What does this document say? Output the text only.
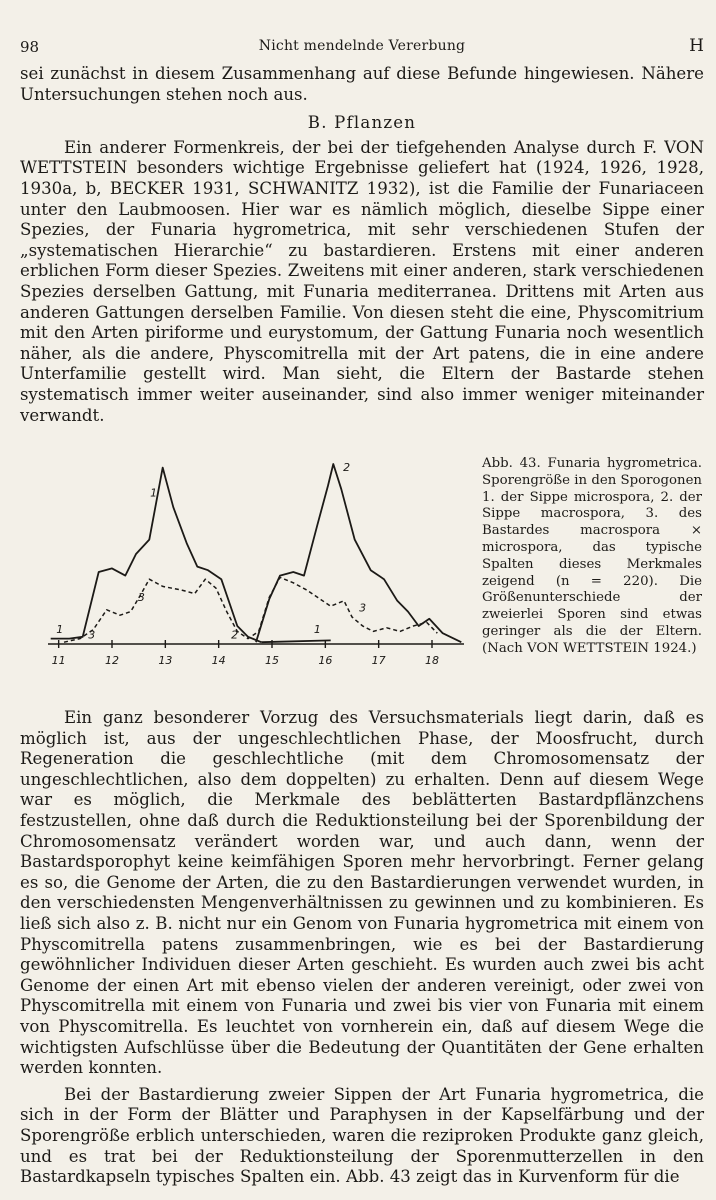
98	Nicht mendelnde Vererbung	H

sei zunächst in diesem Zusammenhang auf diese Befunde hingewiesen. Nähere Untersuchungen stehen noch aus.

B. Pflanzen

Ein anderer Formenkreis, der bei der tiefgehenden Analyse durch F. VON WETTSTEIN besonders wichtige Ergebnisse geliefert hat (1924, 1926, 1928, 1930a, b, BECKER 1931, SCHWANITZ 1932), ist die Familie der Funariaceen unter den Laubmoosen. Hier war es nämlich möglich, dieselbe Sippe einer Spezies, der Funaria hygrometrica, mit sehr verschiedenen Stufen der „systematischen Hierarchie“ zu bastardieren. Erstens mit einer anderen erblichen Form dieser Spezies. Zweitens mit einer anderen, stark verschiedenen Spezies derselben Gattung, mit Funaria mediterranea. Drittens mit Arten aus anderen Gattungen derselben Familie. Von diesen steht die eine, Physcomitrium mit den Arten piriforme und eurystomum, der Gattung Funaria noch wesentlich näher, als die andere, Physcomitrella mit der Art patens, die in eine andere Unterfamilie gestellt wird. Man sieht, die Eltern der Bastarde stehen systematisch immer weiter auseinander, sind also immer weniger miteinander verwandt.

11	12	13	14	15	16	17	18
1
2
3
3
1	2	1
3
Abb. 43. Funaria hygrometrica. Sporengröße in den Sporogonen 1. der Sippe microspora, 2. der Sippe macrospora, 3. des Bastardes macrospora × microspora, das typische Spalten dieses Merkmales zeigend (n = 220). Die Größenunterschiede der zweierlei Sporen sind etwas geringer als die der Eltern. (Nach VON WETTSTEIN 1924.)

Ein ganz besonderer Vorzug des Versuchsmaterials liegt darin, daß es möglich ist, aus der ungeschlechtlichen Phase, der Moosfrucht, durch Regeneration die geschlechtliche (mit dem Chromosomensatz der ungeschlechtlichen, also dem doppelten) zu erhalten. Denn auf diesem Wege war es möglich, die Merkmale des beblätterten Bastardpflänzchens festzustellen, ohne daß durch die Reduktionsteilung bei der Sporenbildung der Chromosomensatz verändert worden war, und auch dann, wenn der Bastardsporophyt keine keimfähigen Sporen mehr hervorbringt. Ferner gelang es so, die Genome der Arten, die zu den Bastardierungen verwendet wurden, in den verschiedensten Mengenverhältnissen zu gewinnen und zu kombinieren. Es ließ sich also z. B. nicht nur ein Genom von Funaria hygrometrica mit einem von Physcomitrella patens zusammenbringen, wie es bei der Bastardierung gewöhnlicher Individuen dieser Arten geschieht. Es wurden auch zwei bis acht Genome der einen Art mit ebenso vielen der anderen vereinigt, oder zwei von Physcomitrella mit einem von Funaria und zwei bis vier von Funaria mit einem von Physcomitrella. Es leuchtet von vornherein ein, daß auf diesem Wege die wichtigsten Aufschlüsse über die Bedeutung der Quantitäten der Gene erhalten werden konnten.

Bei der Bastardierung zweier Sippen der Art Funaria hygrometrica, die sich in der Form der Blätter und Paraphysen in der Kapselfärbung und der Sporengröße erblich unterschieden, waren die reziproken Produkte ganz gleich, und es trat bei der Reduktionsteilung der Sporenmutterzellen in den Bastardkapseln typisches Spalten ein. Abb. 43 zeigt das in Kurvenform für die
